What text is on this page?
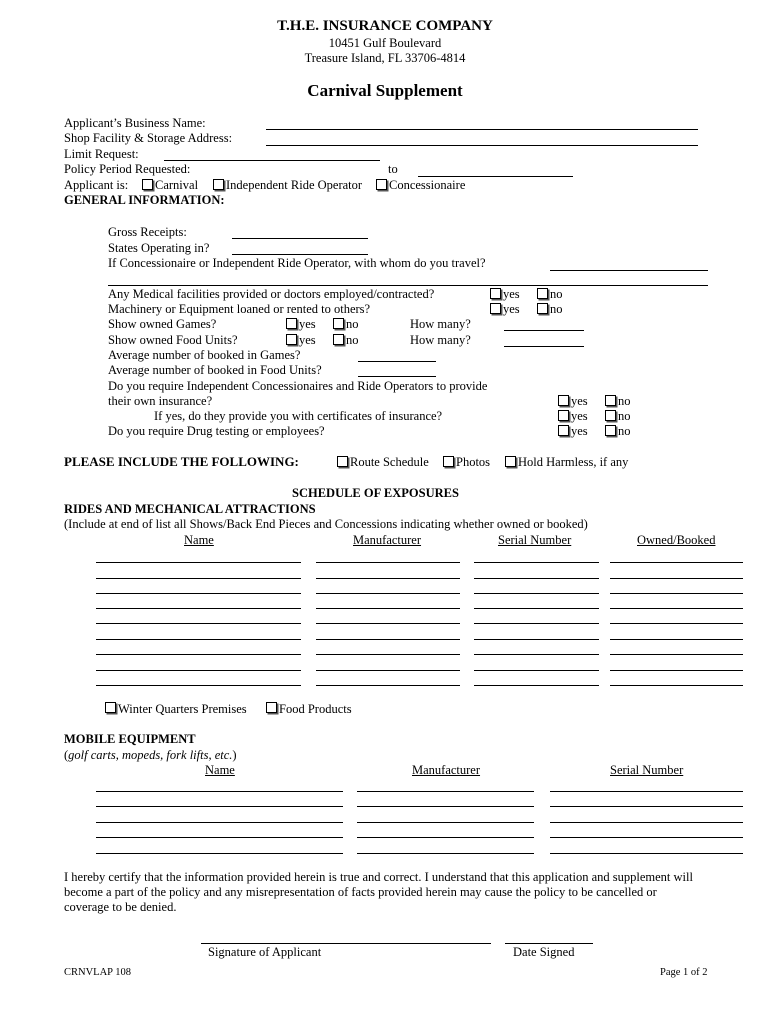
T.H.E. INSURANCE COMPANY
10451 Gulf Boulevard
Treasure Island, FL 33706-4814
Carnival Supplement
Applicant’s Business Name:
Shop Facility & Storage Address:
Limit Request:
Policy Period Requested:	to
Applicant is: Carnival Independent Ride Operator Concessionaire
GENERAL INFORMATION:
Gross Receipts:
States Operating in?
If Concessionaire or Independent Ride Operator, with whom do you travel?
Any Medical facilities provided or doctors employed/contracted?	yes no
Machinery or Equipment loaned or rented to others?	yes no
Show owned Games?	yes no	How many?
Show owned Food Units?	yes no	How many?
Average number of booked in Games?
Average number of booked in Food Units?
Do you require Independent Concessionaires and Ride Operators to provide
their own insurance?	yes no
If yes, do they provide you with certificates of insurance?	yes no
Do you require Drug testing or employees?	yes no
PLEASE INCLUDE THE FOLLOWING:	Route Schedule Photos Hold Harmless, if any
SCHEDULE OF EXPOSURES
RIDES AND MECHANICAL ATTRACTIONS
(Include at end of list all Shows/Back End Pieces and Concessions indicating whether owned or booked)
Name	Manufacturer	Serial Number	Owned/Booked
Winter Quarters Premises	Food Products
MOBILE EQUIPMENT
(golf carts, mopeds, fork lifts, etc.)
Name	Manufacturer	Serial Number
I hereby certify that the information provided herein is true and correct. I understand that this application and supplement will
become a part of the policy and any misrepresentation of facts provided herein may cause the policy to be cancelled or
coverage to be denied.
Signature of Applicant	Date Signed
CRNVLAP 108	Page 1 of 2
